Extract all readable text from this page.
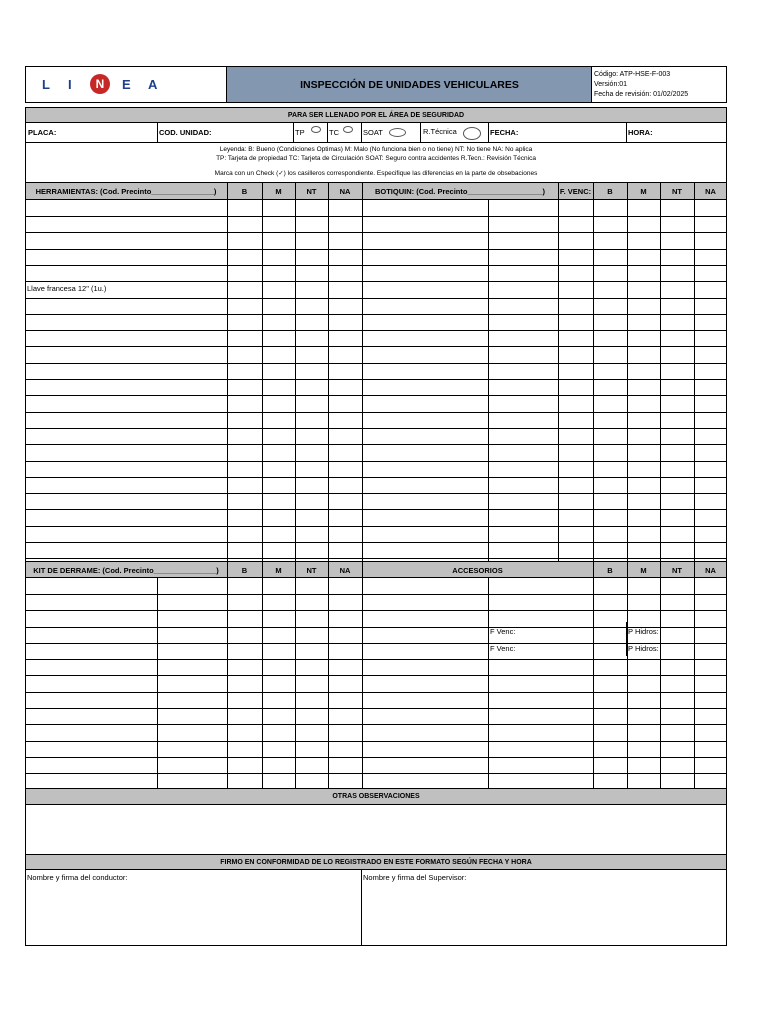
L I	N	E A	INSPECCIÓN DE UNIDADES VEHICULARES
Código: ATP-HSE-F-003
Versión:01
Fecha de revisión: 01/02/2025
PARA SER LLENADO POR EL ÁREA DE SEGURIDAD
PLACA:	COD. UNIDAD:	TP	TC	SOAT	R.Técnica	FECHA:	HORA:
Leyenda: B: Bueno (Condiciones Optimas) M: Malo (No funciona bien o no tiene) NT: No tiene NA: No aplica
TP: Tarjeta de propiedad TC: Tarjeta de Circulación SOAT: Seguro contra accidentes R.Tecn.: Revisión Técnica
Marca con un Check (✓) los casilleros correspondiente. Especifique las diferencias en la parte de obsebaciones
HERRAMIENTAS: (Cod. Precinto_______________)	B	M	NT	NA	BOTIQUIN: (Cod. Precinto__________________)	F. VENC:	B	M	NT	NA
Llave francesa 12" (1u.)
KIT DE DERRAME: (Cod. Precinto_______________)	B	M	NT	NA	ACCESORIOS	B	M	NT	NA
F Venc:	P Hidros:
F Venc:	P Hidros:
OTRAS OBSERVACIONES
FIRMO EN CONFORMIDAD DE LO REGISTRADO EN ESTE FORMATO SEGÚN FECHA Y HORA
Nombre y firma del conductor:	Nombre y firma del Supervisor:
